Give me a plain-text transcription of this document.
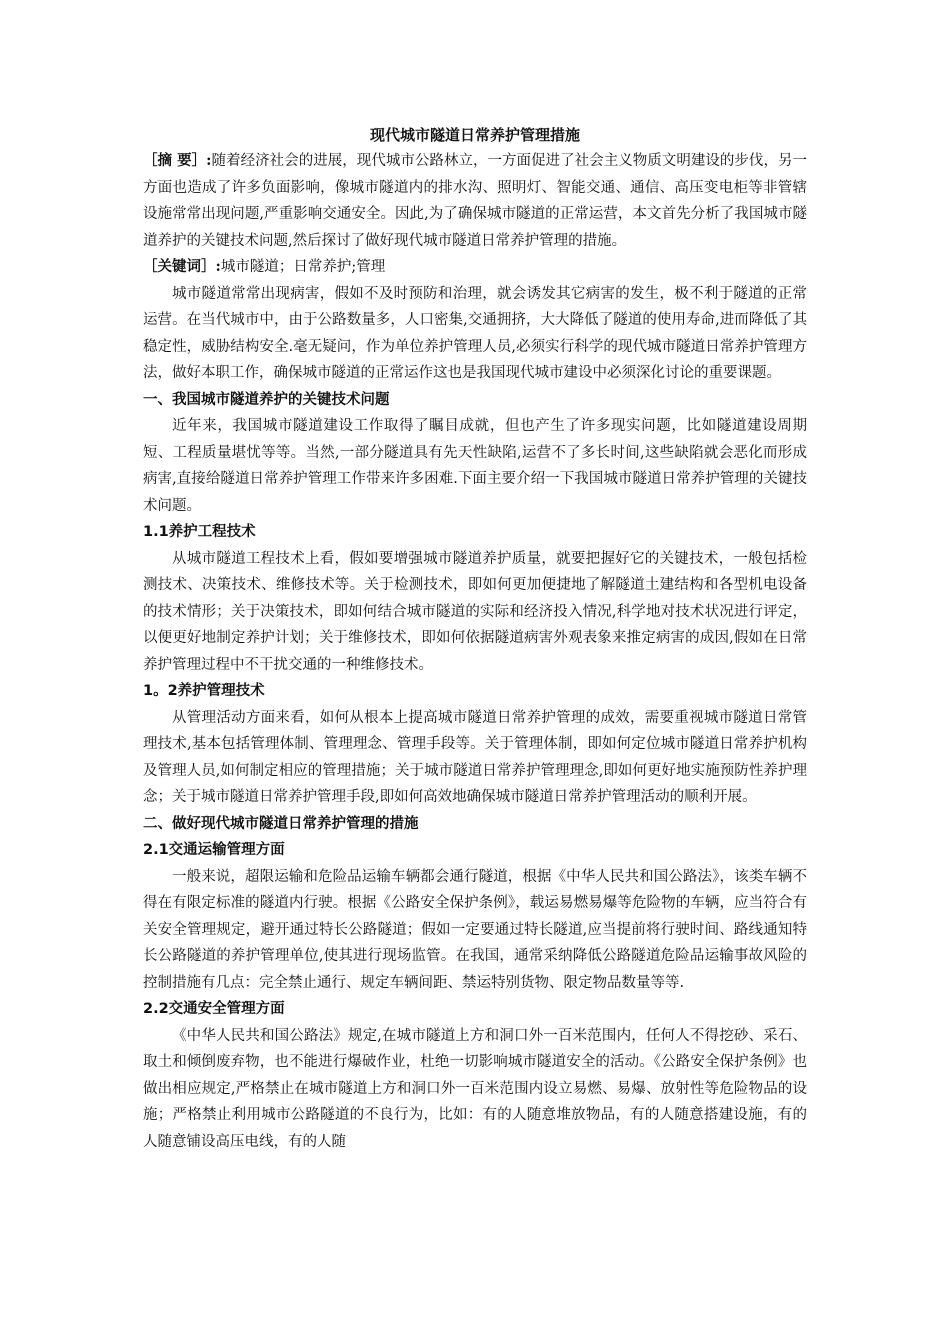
现代城市隧道日常养护管理措施

［摘 要］:随着经济社会的进展，现代城市公路林立，一方面促进了社会主义物质文明建设的步伐，另一方面也造成了许多负面影响，像城市隧道内的排水沟、照明灯、智能交通、通信、高压变电柜等非管辖设施常常出现问题,严重影响交通安全。因此,为了确保城市隧道的正常运营，本文首先分析了我国城市隧道养护的关键技术问题,然后探讨了做好现代城市隧道日常养护管理的措施。

［关键词］:城市隧道；日常养护;管理

城市隧道常常出现病害，假如不及时预防和治理，就会诱发其它病害的发生，极不利于隧道的正常运营。在当代城市中，由于公路数量多，人口密集,交通拥挤，大大降低了隧道的使用寿命,进而降低了其稳定性，威胁结构安全.毫无疑问，作为单位养护管理人员,必须实行科学的现代城市隧道日常养护管理方法，做好本职工作，确保城市隧道的正常运作这也是我国现代城市建设中必须深化讨论的重要课题。

一、我国城市隧道养护的关键技术问题

近年来，我国城市隧道建设工作取得了瞩目成就，但也产生了许多现实问题，比如隧道建设周期短、工程质量堪忧等等。当然,一部分隧道具有先天性缺陷,运营不了多长时间,这些缺陷就会恶化而形成病害,直接给隧道日常养护管理工作带来许多困难.下面主要介绍一下我国城市隧道日常养护管理的关键技术问题。

1.1养护工程技术

从城市隧道工程技术上看，假如要增强城市隧道养护质量，就要把握好它的关键技术，一般包括检测技术、决策技术、维修技术等。关于检测技术，即如何更加便捷地了解隧道土建结构和各型机电设备的技术情形；关于决策技术，即如何结合城市隧道的实际和经济投入情况,科学地对技术状况进行评定，以便更好地制定养护计划；关于维修技术，即如何依据隧道病害外观表象来推定病害的成因,假如在日常养护管理过程中不干扰交通的一种维修技术。

1。2养护管理技术

从管理活动方面来看，如何从根本上提高城市隧道日常养护管理的成效，需要重视城市隧道日常管理技术,基本包括管理体制、管理理念、管理手段等。关于管理体制，即如何定位城市隧道日常养护机构及管理人员,如何制定相应的管理措施；关于城市隧道日常养护管理理念,即如何更好地实施预防性养护理念；关于城市隧道日常养护管理手段,即如何高效地确保城市隧道日常养护管理活动的顺利开展。

二、做好现代城市隧道日常养护管理的措施
2.1交通运输管理方面

一般来说，超限运输和危险品运输车辆都会通行隧道，根据《中华人民共和国公路法》，该类车辆不得在有限定标准的隧道内行驶。根据《公路安全保护条例》，载运易燃易爆等危险物的车辆，应当符合有关安全管理规定，避开通过特长公路隧道；假如一定要通过特长隧道,应当提前将行驶时间、路线通知特长公路隧道的养护管理单位,使其进行现场监管。在我国，通常采纳降低公路隧道危险品运输事故风险的控制措施有几点：完全禁止通行、规定车辆间距、禁运特别货物、限定物品数量等等.

2.2交通安全管理方面

《中华人民共和国公路法》规定,在城市隧道上方和洞口外一百米范围内，任何人不得挖砂、采石、取土和倾倒废弃物，也不能进行爆破作业，杜绝一切影响城市隧道安全的活动。《公路安全保护条例》也做出相应规定,严格禁止在城市隧道上方和洞口外一百米范围内设立易燃、易爆、放射性等危险物品的设施；严格禁止利用城市公路隧道的不良行为，比如：有的人随意堆放物品，有的人随意搭建设施，有的人随意铺设高压电线，有的人随
